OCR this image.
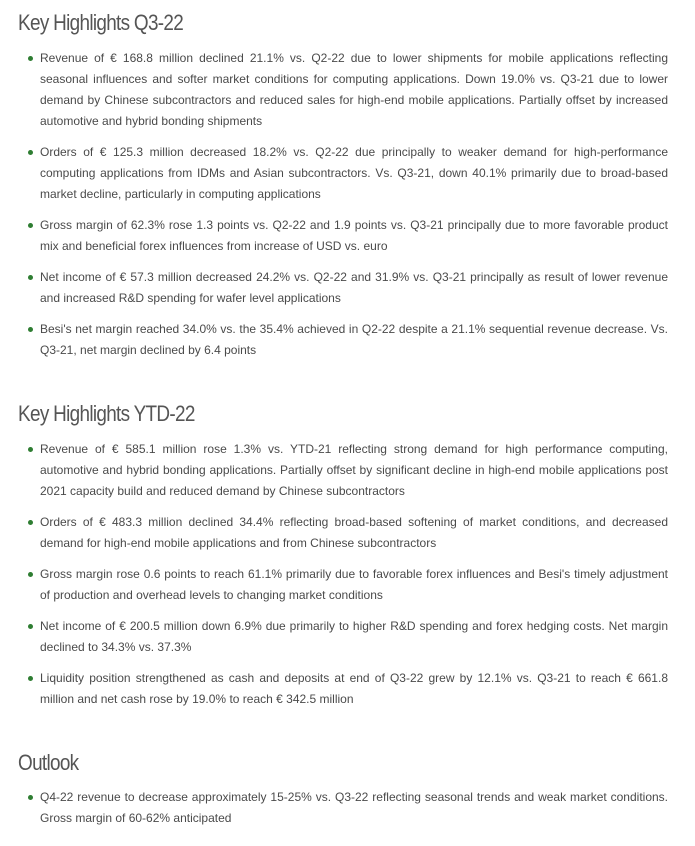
Key Highlights Q3-22
Revenue of € 168.8 million declined 21.1% vs. Q2-22 due to lower shipments for mobile applications reflecting seasonal influences and softer market conditions for computing applications. Down 19.0% vs. Q3-21 due to lower demand by Chinese subcontractors and reduced sales for high-end mobile applications. Partially offset by increased automotive and hybrid bonding shipments
Orders of € 125.3 million decreased 18.2% vs. Q2-22 due principally to weaker demand for high-performance computing applications from IDMs and Asian subcontractors. Vs. Q3-21, down 40.1% primarily due to broad-based market decline, particularly in computing applications
Gross margin of 62.3% rose 1.3 points vs. Q2-22 and 1.9 points vs. Q3-21 principally due to more favorable product mix and beneficial forex influences from increase of USD vs. euro
Net income of € 57.3 million decreased 24.2% vs. Q2-22 and 31.9% vs. Q3-21 principally as result of lower revenue and increased R&D spending for wafer level applications
Besi's net margin reached 34.0% vs. the 35.4% achieved in Q2-22 despite a 21.1% sequential revenue decrease. Vs. Q3-21, net margin declined by 6.4 points
Key Highlights YTD-22
Revenue of € 585.1 million rose 1.3% vs. YTD-21 reflecting strong demand for high performance computing, automotive and hybrid bonding applications. Partially offset by significant decline in high-end mobile applications post 2021 capacity build and reduced demand by Chinese subcontractors
Orders of € 483.3 million declined 34.4% reflecting broad-based softening of market conditions, and decreased demand for high-end mobile applications and from Chinese subcontractors
Gross margin rose 0.6 points to reach 61.1% primarily due to favorable forex influences and Besi's timely adjustment of production and overhead levels to changing market conditions
Net income of € 200.5 million down 6.9% due primarily to higher R&D spending and forex hedging costs. Net margin declined to 34.3% vs. 37.3%
Liquidity position strengthened as cash and deposits at end of Q3-22 grew by 12.1% vs. Q3-21 to reach € 661.8 million and net cash rose by 19.0% to reach € 342.5 million
Outlook
Q4-22 revenue to decrease approximately 15-25% vs. Q3-22 reflecting seasonal trends and weak market conditions. Gross margin of 60-62% anticipated
